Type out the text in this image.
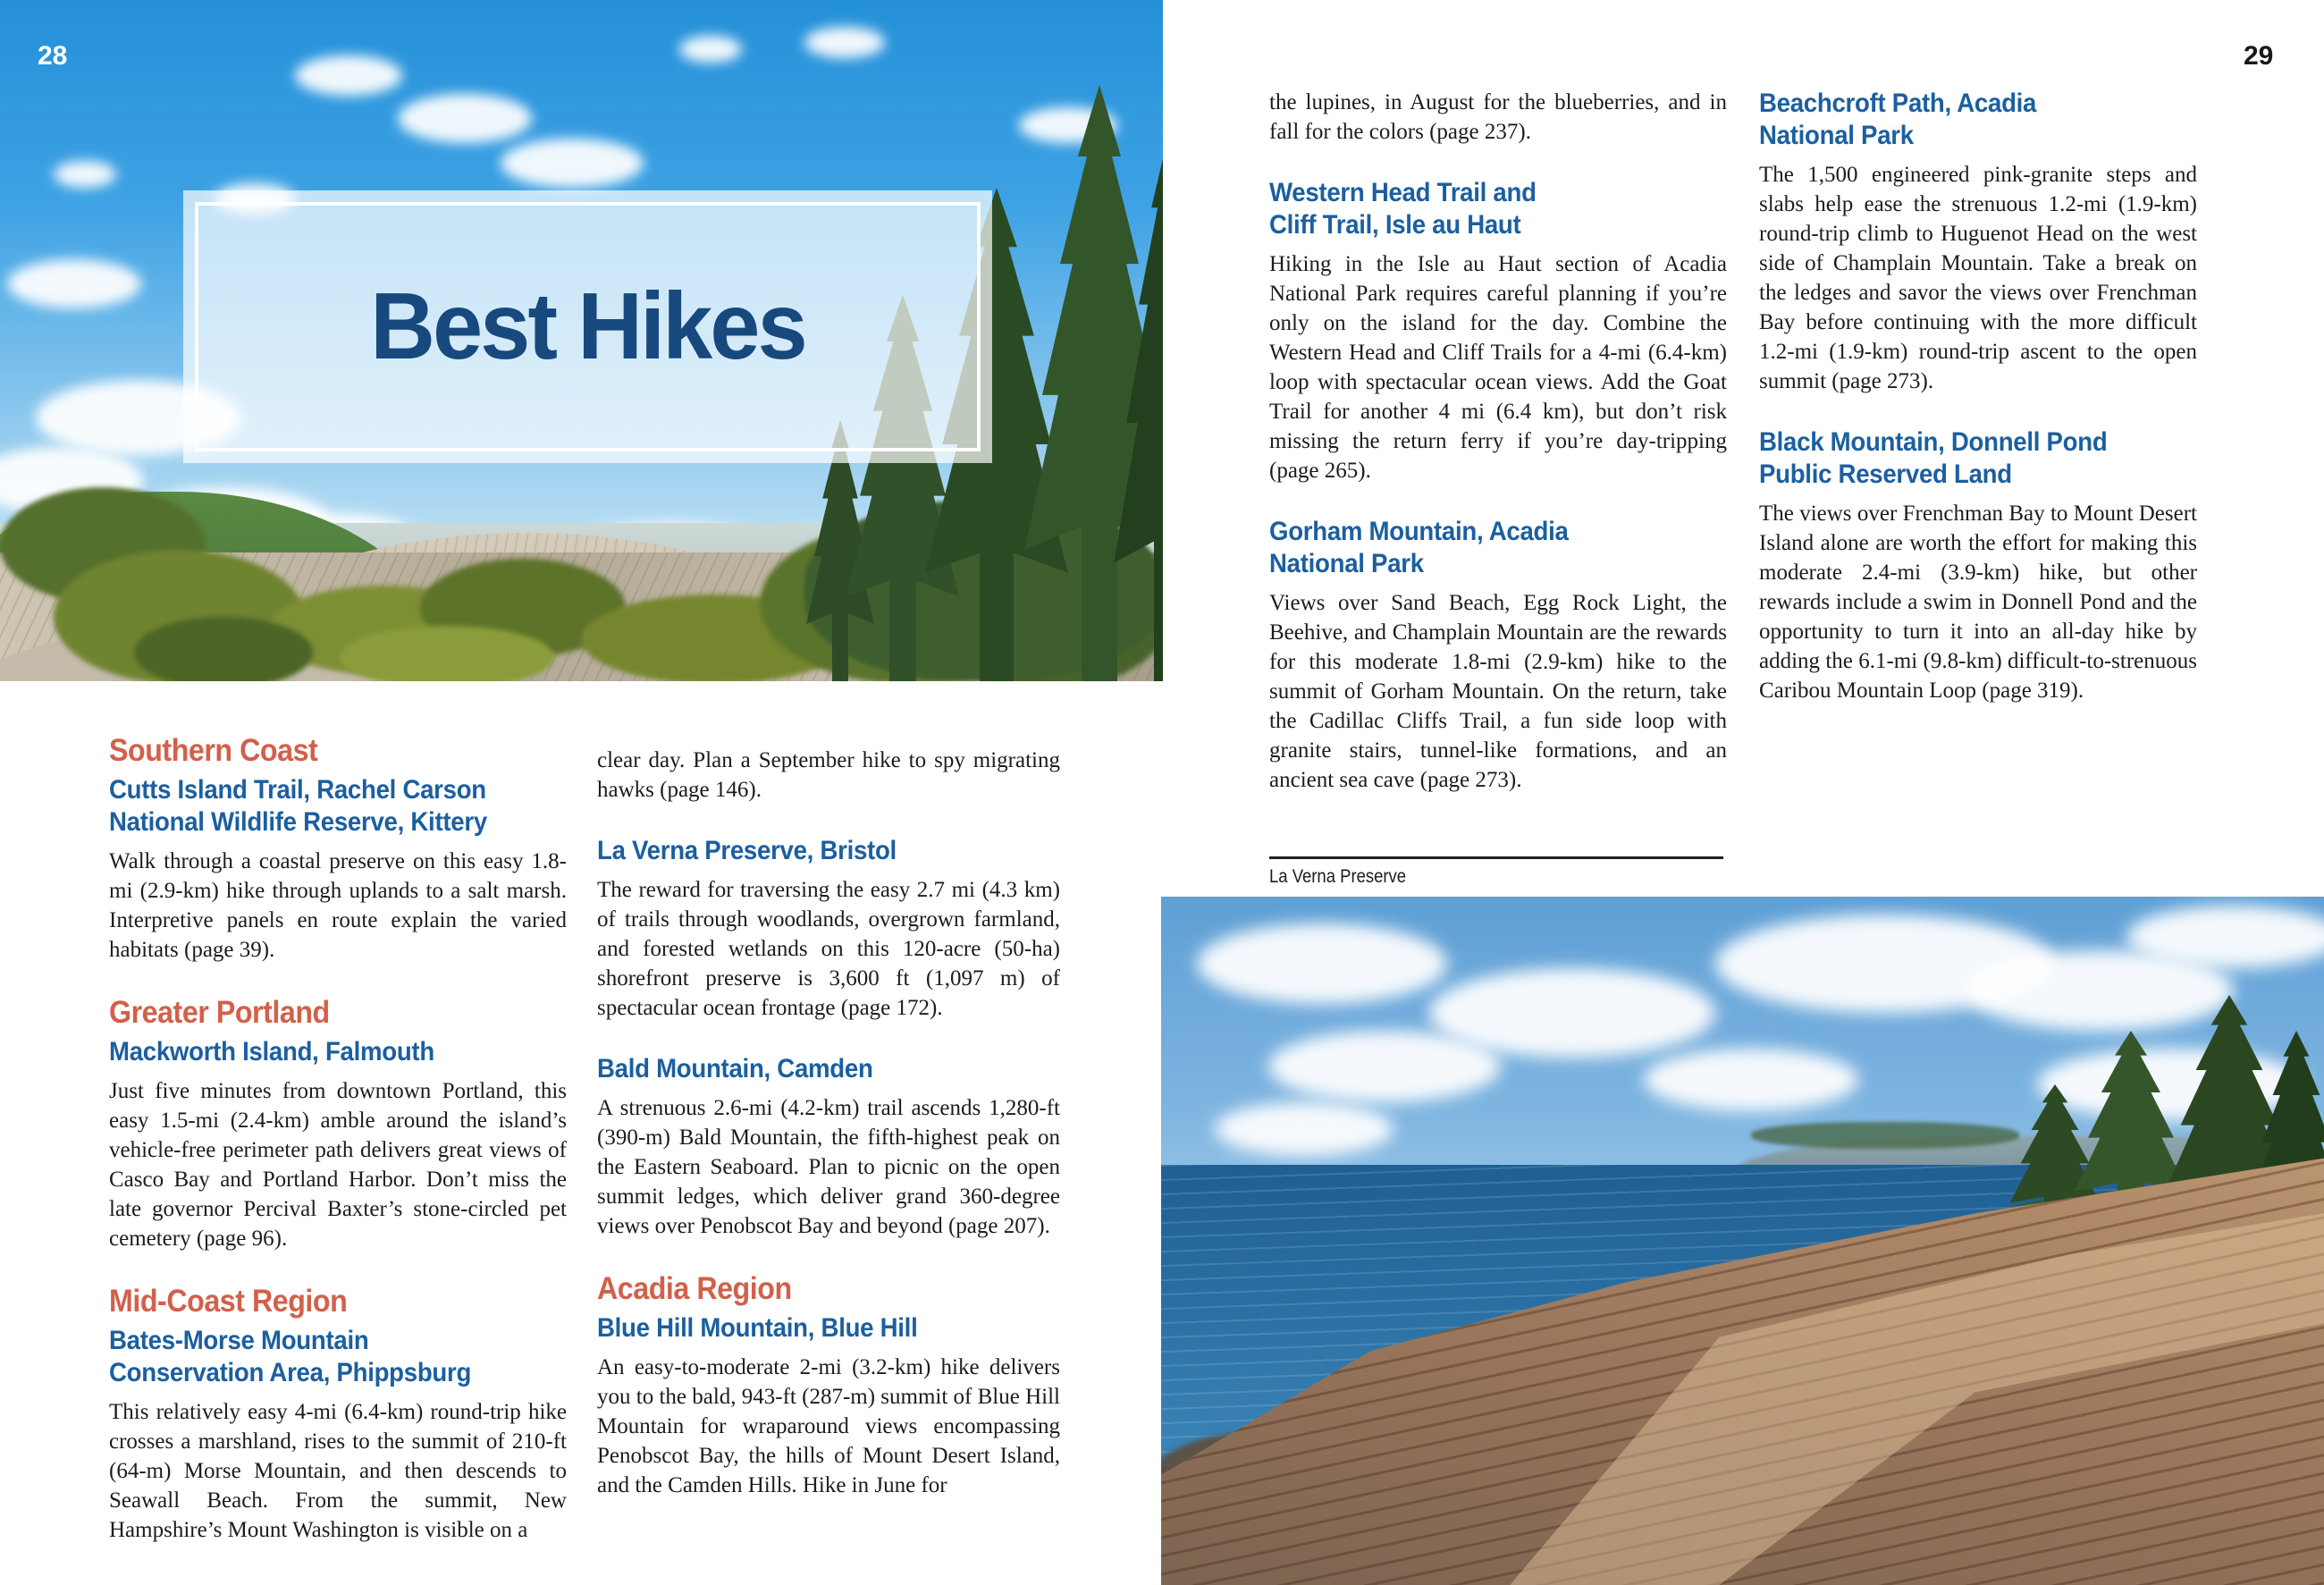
Best Hikes
28
Southern Coast
Cutts Island Trail, Rachel Carson
National Wildlife Reserve, Kittery

Walk through a coastal preserve on this easy 1.8-mi (2.9-km) hike through uplands to a salt marsh. Interpretive panels en route explain the varied habitats (page 39).

Greater Portland
Mackworth Island, Falmouth

Just five minutes from downtown Portland, this easy 1.5-mi (2.4-km) amble around the island’s vehicle-free perimeter path delivers great views of Casco Bay and Portland Harbor. Don’t miss the late governor Percival Baxter’s stone-circled pet cemetery (page 96).

Mid-Coast Region
Bates-Morse Mountain
Conservation Area, Phippsburg

This relatively easy 4-mi (6.4-km) round-trip hike crosses a marshland, rises to the summit of 210-ft (64-m) Morse Mountain, and then descends to Seawall Beach. From the summit, New Hampshire’s Mount Washington is visible on a

clear day. Plan a September hike to spy migrating hawks (page 146).

La Verna Preserve, Bristol

The reward for traversing the easy 2.7 mi (4.3 km) of trails through woodlands, overgrown farmland, and forested wetlands on this 120-acre (50-ha) shorefront preserve is 3,600 ft (1,097 m) of spectacular ocean frontage (page 172).

Bald Mountain, Camden

A strenuous 2.6-mi (4.2-km) trail ascends 1,280-ft (390-m) Bald Mountain, the fifth-highest peak on the Eastern Seaboard. Plan to picnic on the open summit ledges, which deliver grand 360-degree views over Penobscot Bay and beyond (page 207).

Acadia Region
Blue Hill Mountain, Blue Hill

An easy-to-moderate 2-mi (3.2-km) hike delivers you to the bald, 943-ft (287-m) summit of Blue Hill Mountain for wraparound views encompassing Penobscot Bay, the hills of Mount Desert Island, and the Camden Hills. Hike in June for

29

the lupines, in August for the blueberries, and in fall for the colors (page 237).

Western Head Trail and
Cliff Trail, Isle au Haut

Hiking in the Isle au Haut section of Acadia National Park requires careful planning if you’re only on the island for the day. Combine the Western Head and Cliff Trails for a 4-mi (6.4-km) loop with spectacular ocean views. Add the Goat Trail for another 4 mi (6.4 km), but don’t risk missing the return ferry if you’re day-tripping (page 265).

Gorham Mountain, Acadia
National Park

Views over Sand Beach, Egg Rock Light, the Beehive, and Champlain Mountain are the rewards for this moderate 1.8-mi (2.9-km) hike to the summit of Gorham Mountain. On the return, take the Cadillac Cliffs Trail, a fun side loop with granite stairs, tunnel-like formations, and an ancient sea cave (page 273).

Beachcroft Path, Acadia
National Park

The 1,500 engineered pink-granite steps and slabs help ease the strenuous 1.2-mi (1.9-km) round-trip climb to Huguenot Head on the west side of Champlain Mountain. Take a break on the ledges and savor the views over Frenchman Bay before continuing with the more difficult 1.2-mi (1.9-km) round-trip ascent to the open summit (page 273).

Black Mountain, Donnell Pond
Public Reserved Land

The views over Frenchman Bay to Mount Desert Island alone are worth the effort for making this moderate 2.4-mi (3.9-km) hike, but other rewards include a swim in Donnell Pond and the opportunity to turn it into an all-day hike by adding the 6.1-mi (9.8-km) difficult-to-strenuous Caribou Mountain Loop (page 319).

La Verna Preserve
